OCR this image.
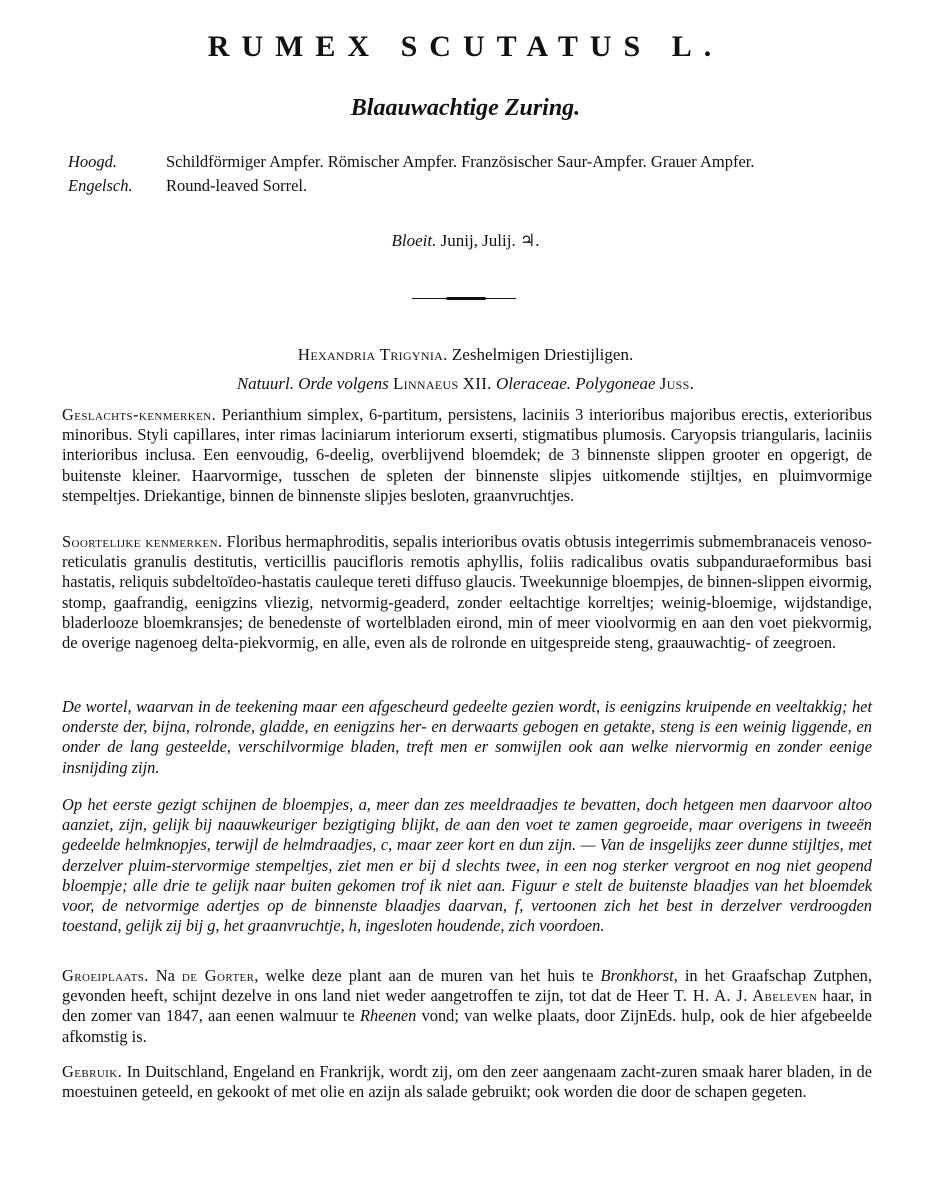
RUMEX SCUTATUS L.
Blaauwachtige Zuring.
Hoogd.	Schildförmiger Ampfer. Römischer Ampfer. Französischer Saur-Ampfer. Grauer Ampfer.
Engelsch.	Round-leaved Sorrel.
Bloeit. Junij, Julij. ♃.
Hexandria Trigynia. Zeshelmigen Driestijligen.
Natuurl. Orde volgens Linnaeus XII. Oleraceae. Polygoneae Juss.

Geslachts-kenmerken. Perianthium simplex, 6-partitum, persistens, laciniis 3 interioribus majoribus erectis, exterioribus minoribus. Styli capillares, inter rimas laciniarum interiorum exserti, stigmatibus plumosis. Caryopsis triangularis, laciniis interioribus inclusa. Een eenvoudig, 6-deelig, overblijvend bloemdek; de 3 binnenste slippen grooter en opgerigt, de buitenste kleiner. Haarvormige, tusschen de spleten der binnenste slipjes uitkomende stijltjes, en pluimvormige stempeltjes. Driekantige, binnen de binnenste slipjes besloten, graanvruchtjes.

Soortelijke kenmerken. Floribus hermaphroditis, sepalis interioribus ovatis obtusis integerrimis submembranaceis venoso-reticulatis granulis destitutis, verticillis paucifloris remotis aphyllis, foliis radicalibus ovatis subpanduraeformibus basi hastatis, reliquis subdeltoïdeo-hastatis cauleque tereti diffuso glaucis. Tweekunnige bloempjes, de binnen-slippen eivormig, stomp, gaafrandig, eenigzins vliezig, netvormig-geaderd, zonder eeltachtige korreltjes; weinig-bloemige, wijdstandige, bladerlooze bloemkransjes; de benedenste of wortelbladen eirond, min of meer vioolvormig en aan den voet piekvormig, de overige nagenoeg delta-piekvormig, en alle, even als de rolronde en uitgespreide steng, graauwachtig- of zeegroen.

De wortel, waarvan in de teekening maar een afgescheurd gedeelte gezien wordt, is eenigzins kruipende en veeltakkig; het onderste der, bijna, rolronde, gladde, en eenigzins her- en derwaarts gebogen en getakte, steng is een weinig liggende, en onder de lang gesteelde, verschilvormige bladen, treft men er somwijlen ook aan welke niervormig en zonder eenige insnijding zijn.

Op het eerste gezigt schijnen de bloempjes, a, meer dan zes meeldraadjes te bevatten, doch hetgeen men daarvoor altoo aanziet, zijn, gelijk bij naauwkeuriger bezigtiging blijkt, de aan den voet te zamen gegroeide, maar overigens in tweeën gedeelde helmknopjes, terwijl de helmdraadjes, c, maar zeer kort en dun zijn. — Van de insgelijks zeer dunne stijltjes, met derzelver pluim-stervormige stempeltjes, ziet men er bij d slechts twee, in een nog sterker vergroot en nog niet geopend bloempje; alle drie te gelijk naar buiten gekomen trof ik niet aan. Figuur e stelt de buitenste blaadjes van het bloemdek voor, de netvormige adertjes op de binnenste blaadjes daarvan, f, vertoonen zich het best in derzelver verdroogden toestand, gelijk zij bij g, het graanvruchtje, h, ingesloten houdende, zich voordoen.

Groeiplaats. Na de Gorter, welke deze plant aan de muren van het huis te Bronkhorst, in het Graafschap Zutphen, gevonden heeft, schijnt dezelve in ons land niet weder aangetroffen te zijn, tot dat de Heer T. H. A. J. Abeleven haar, in den zomer van 1847, aan eenen walmuur te Rheenen vond; van welke plaats, door ZijnEds. hulp, ook de hier afgebeelde afkomstig is.

Gebruik. In Duitschland, Engeland en Frankrijk, wordt zij, om den zeer aangenaam zacht-zuren smaak harer bladen, in de moestuinen geteeld, en gekookt of met olie en azijn als salade gebruikt; ook worden die door de schapen gegeten.
